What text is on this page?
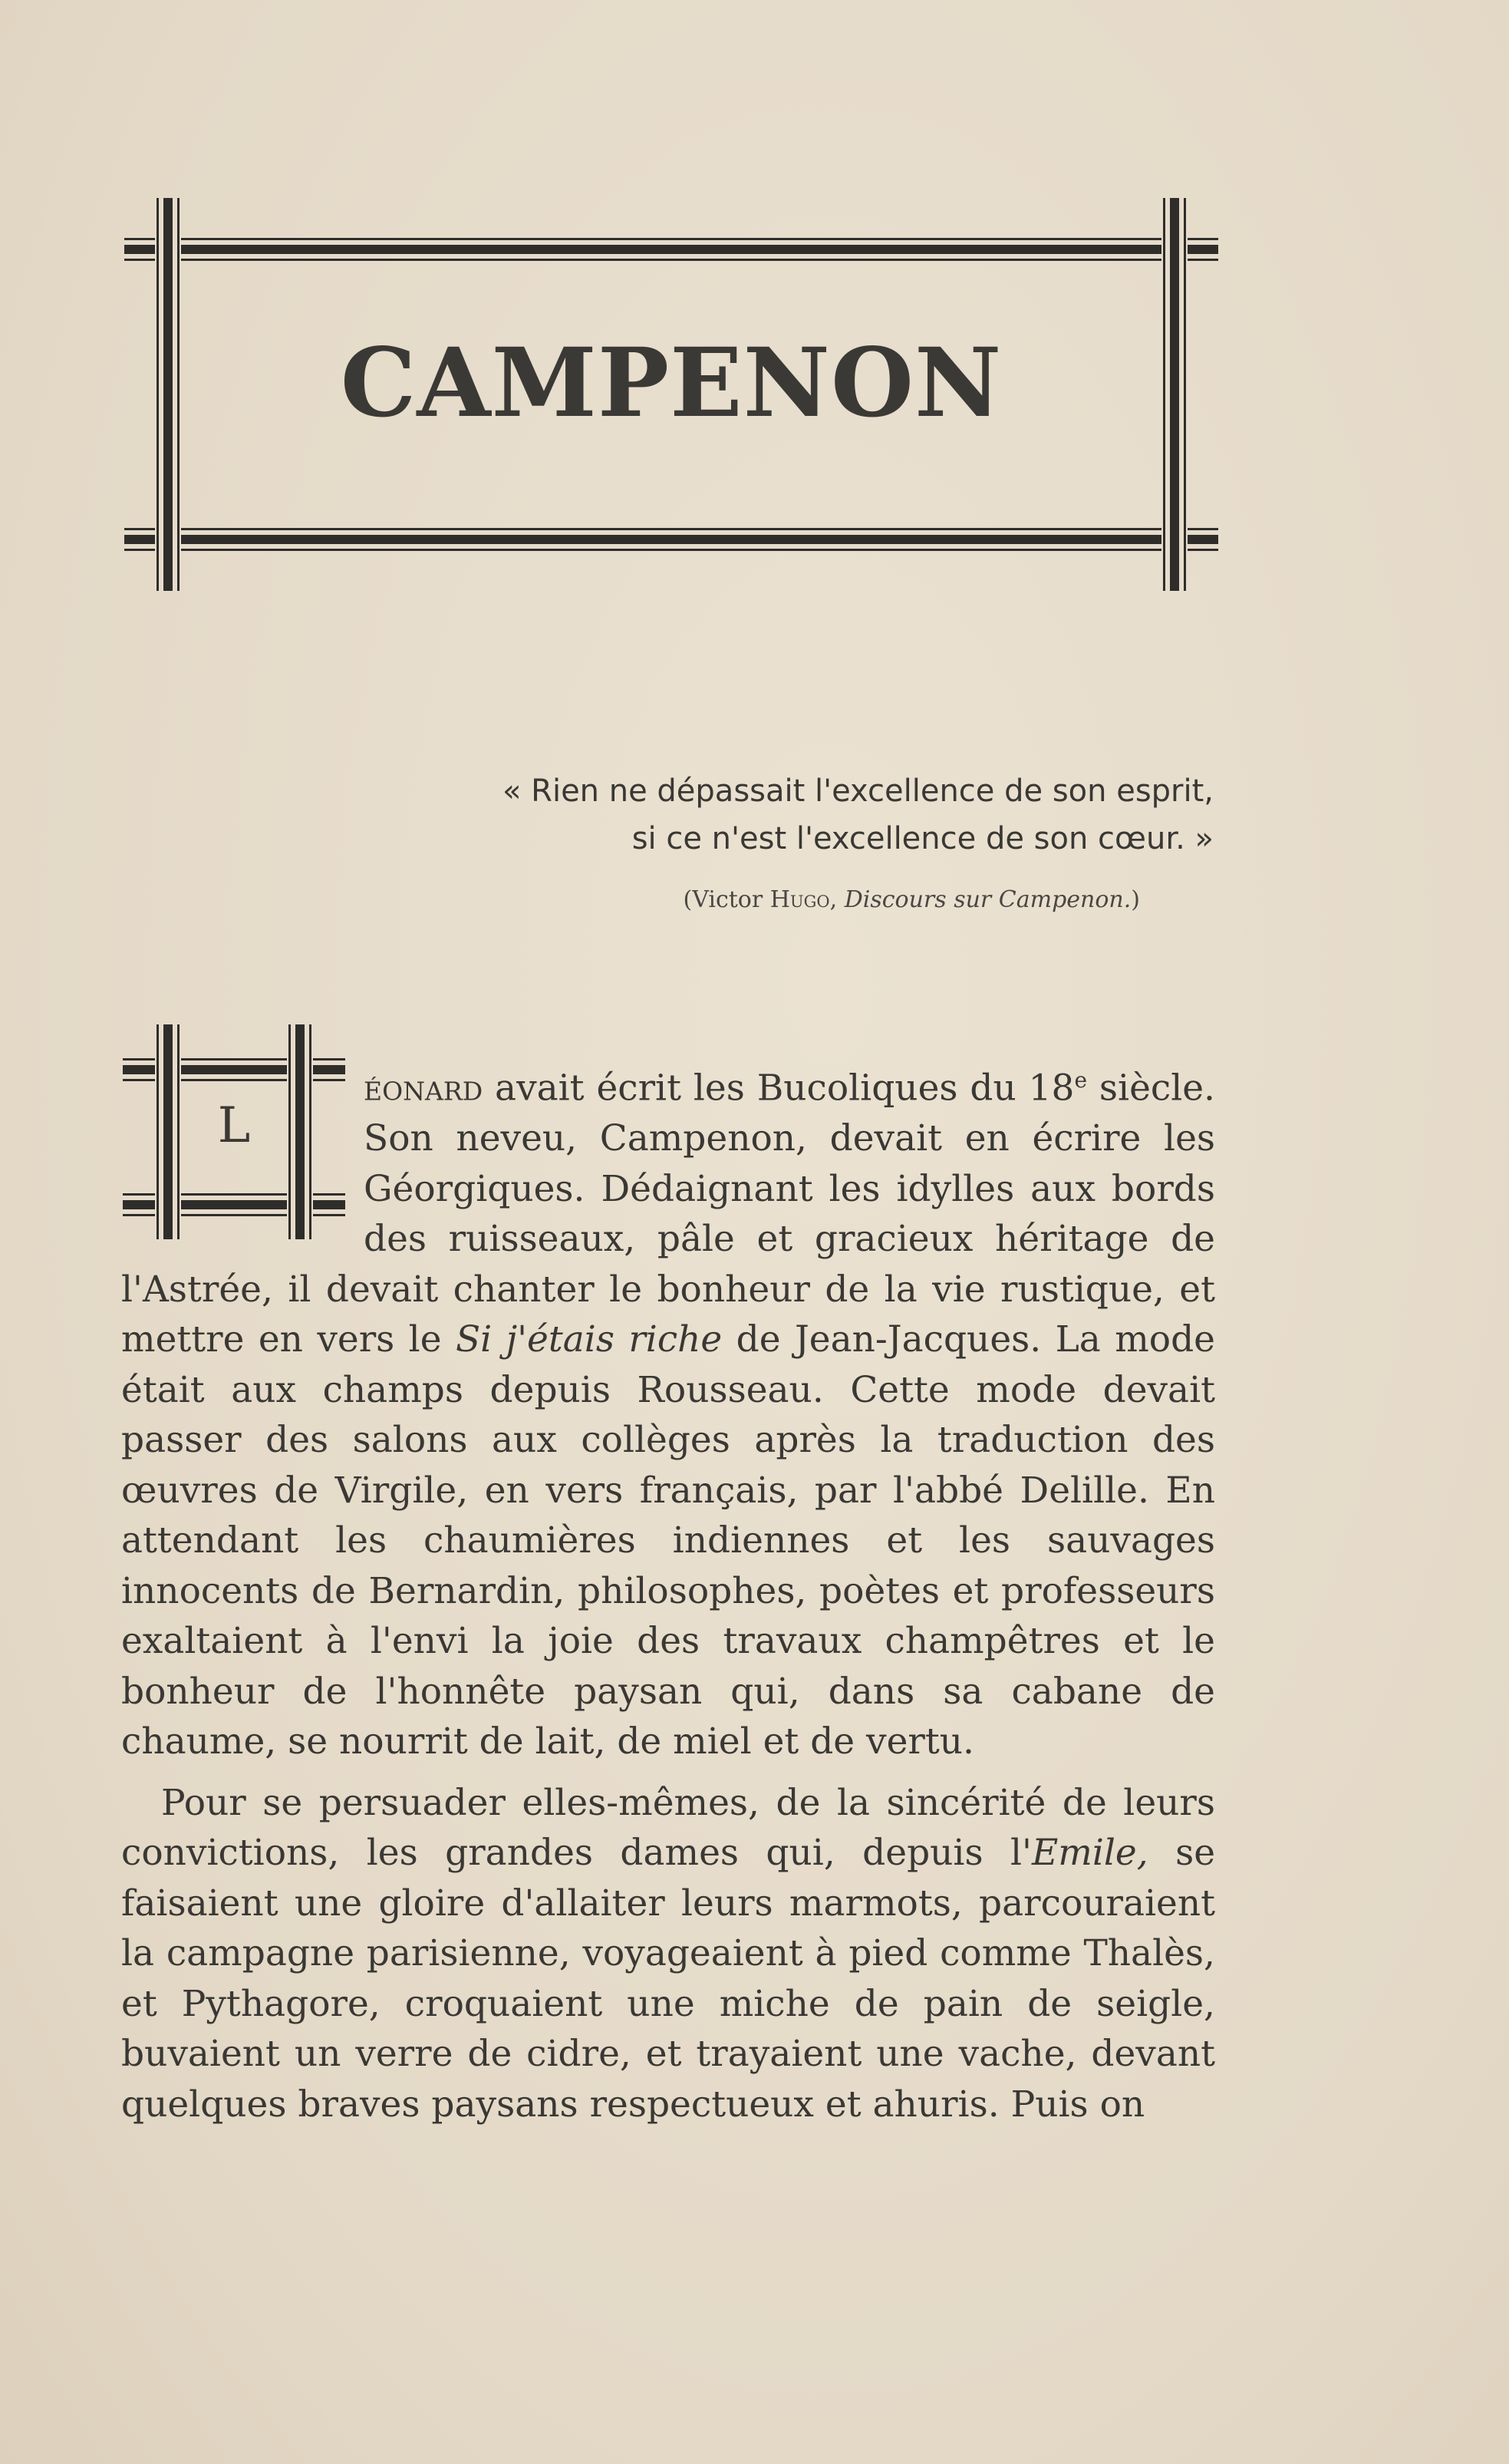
CAMPENON
« Rien ne dépassait l'excellence de son esprit,
si ce n'est l'excellence de son cœur. »
(Victor Hugo, Discours sur Campenon.)
L

éonard avait écrit les Bucoliques du 18e siècle. Son neveu, Campenon, devait en écrire les Géorgiques. Dédaignant les idylles aux bords des ruisseaux, pâle et gracieux héritage de l'Astrée, il devait chanter le bonheur de la vie rustique, et mettre en vers le Si j'étais riche de Jean-Jacques. La mode était aux champs depuis Rousseau. Cette mode devait passer des salons aux collèges après la traduction des œuvres de Virgile, en vers français, par l'abbé Delille. En attendant les chaumières indiennes et les sauvages innocents de Bernardin, philosophes, poètes et professeurs exaltaient à l'envi la joie des travaux champêtres et le bonheur de l'honnête paysan qui, dans sa cabane de chaume, se nourrit de lait, de miel et de vertu.

Pour se persuader elles-mêmes, de la sincérité de leurs convictions, les grandes dames qui, depuis l'Emile, se faisaient une gloire d'allaiter leurs marmots, parcouraient la campagne parisienne, voyageaient à pied comme Thalès, et Pythagore, croquaient une miche de pain de seigle, buvaient un verre de cidre, et trayaient une vache, devant quelques braves paysans respectueux et ahuris. Puis on
